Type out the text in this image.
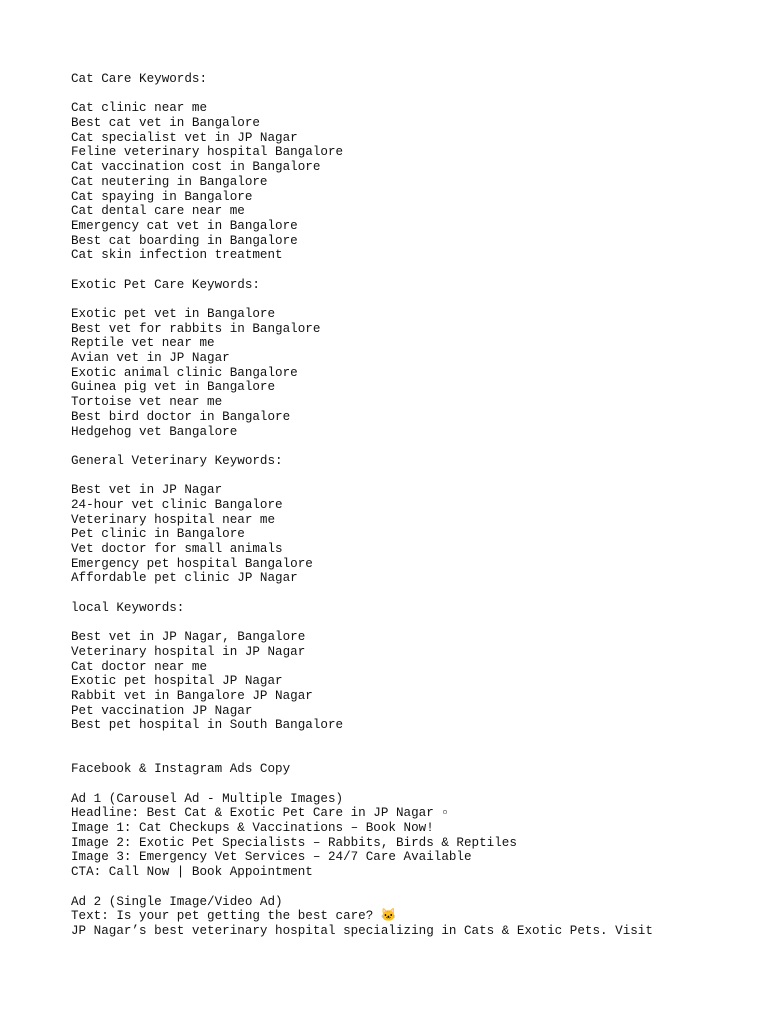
Cat Care Keywords:
Cat clinic near me
Best cat vet in Bangalore
Cat specialist vet in JP Nagar
Feline veterinary hospital Bangalore
Cat vaccination cost in Bangalore
Cat neutering in Bangalore
Cat spaying in Bangalore
Cat dental care near me
Emergency cat vet in Bangalore
Best cat boarding in Bangalore
Cat skin infection treatment
Exotic Pet Care Keywords:
Exotic pet vet in Bangalore
Best vet for rabbits in Bangalore
Reptile vet near me
Avian vet in JP Nagar
Exotic animal clinic Bangalore
Guinea pig vet in Bangalore
Tortoise vet near me
Best bird doctor in Bangalore
Hedgehog vet Bangalore
General Veterinary Keywords:
Best vet in JP Nagar
24-hour vet clinic Bangalore
Veterinary hospital near me
Pet clinic in Bangalore
Vet doctor for small animals
Emergency pet hospital Bangalore
Affordable pet clinic JP Nagar
local Keywords:
Best vet in JP Nagar, Bangalore
Veterinary hospital in JP Nagar
Cat doctor near me
Exotic pet hospital JP Nagar
Rabbit vet in Bangalore JP Nagar
Pet vaccination JP Nagar
Best pet hospital in South Bangalore
Facebook & Instagram Ads Copy
Ad 1 (Carousel Ad - Multiple Images)
Headline: Best Cat & Exotic Pet Care in JP Nagar ▫
Image 1: Cat Checkups & Vaccinations – Book Now!
Image 2: Exotic Pet Specialists – Rabbits, Birds & Reptiles
Image 3: Emergency Vet Services – 24/7 Care Available
CTA: Call Now | Book Appointment
Ad 2 (Single Image/Video Ad)
Text: Is your pet getting the best care? 🐱
JP Nagar’s best veterinary hospital specializing in Cats & Exotic Pets. Visit
